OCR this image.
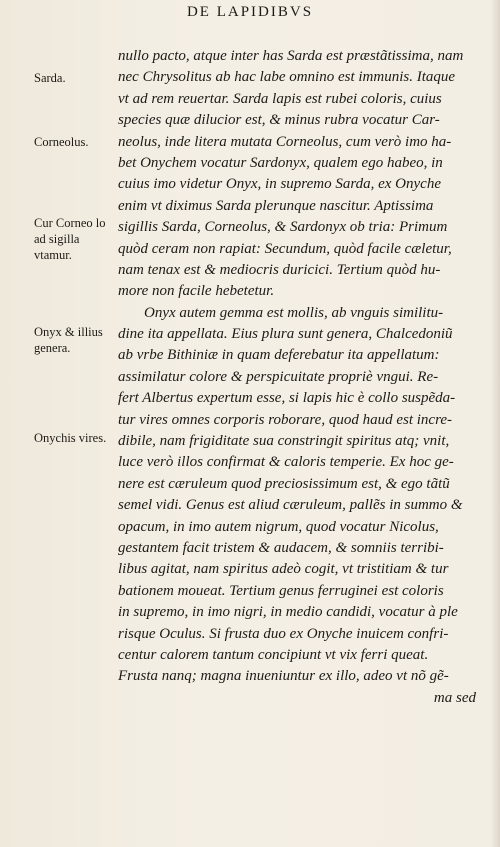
DE LAPIDIBVS
Sarda.
Corneolus.
Cur Corneo lo ad sigilla vtamur.
Onyx & illius genera.
Onychis vires.
nullo pacto, atque inter has Sarda est præstãtissima, nam
nec Chrysolitus ab hac labe omnino est immunis. Itaque
vt ad rem reuertar. Sarda lapis est rubei coloris, cuius
species quæ dilucior est, & minus rubra vocatur Car-
neolus, inde litera mutata Corneolus, cum verò imo ha-
bet Onychem vocatur Sardonyx, qualem ego habeo, in
cuius imo videtur Onyx, in supremo Sarda, ex Onyche
enim vt diximus Sarda plerunque nascitur. Aptissima
sigillis Sarda, Corneolus, & Sardonyx ob tria: Primum
quòd ceram non rapiat: Secundum, quòd facile cæletur,
nam tenax est & mediocris duricici. Tertium quòd hu-
more non facile hebetetur.
Onyx autem gemma est mollis, ab vnguis similitu-
dine ita appellata. Eius plura sunt genera, Chalcedoniũ
ab vrbe Bithiniæ in quam deferebatur ita appellatum:
assimilatur colore & perspicuitate propriè vngui. Re-
fert Albertus expertum esse, si lapis hic è collo suspẽda-
tur vires omnes corporis roborare, quod haud est incre-
dibile, nam frigiditate sua constringit spiritus atq; vnit,
luce verò illos confirmat & caloris temperie. Ex hoc ge-
nere est cæruleum quod preciosissimum est, & ego tãtũ
semel vidi. Genus est aliud cæruleum, pallẽs in summo &
opacum, in imo autem nigrum, quod vocatur Nicolus,
gestantem facit tristem & audacem, & somniis terribi-
libus agitat, nam spiritus adeò cogit, vt tristitiam & tur
bationem moueat. Tertium genus ferruginei est coloris
in supremo, in imo nigri, in medio candidi, vocatur à ple
risque Oculus. Si frusta duo ex Onyche inuicem confri-
centur calorem tantum concipiunt vt vix ferri queat.
Frusta nanq; magna inueniuntur ex illo, adeo vt nõ gẽ-
ma sed
